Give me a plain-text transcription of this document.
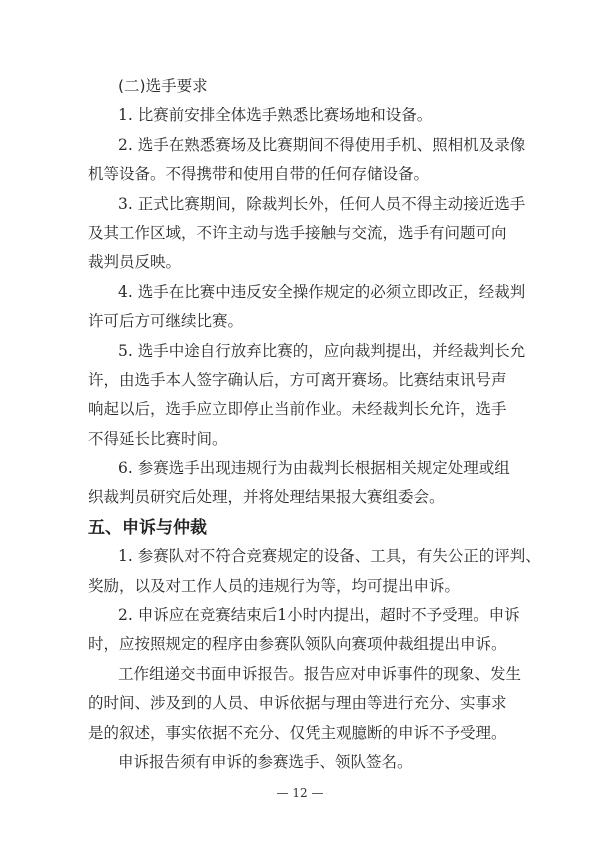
(二)选手要求
1. 比赛前安排全体选手熟悉比赛场地和设备。
2. 选手在熟悉赛场及比赛期间不得使用手机、照相机及录像
机等设备。不得携带和使用自带的任何存储设备。
3. 正式比赛期间，除裁判长外，任何人员不得主动接近选手
及其工作区域，不许主动与选手接触与交流，选手有问题可向
裁判员反映。
4. 选手在比赛中违反安全操作规定的必须立即改正，经裁判
许可后方可继续比赛。
5. 选手中途自行放弃比赛的，应向裁判提出，并经裁判长允
许，由选手本人签字确认后，方可离开赛场。比赛结束讯号声
响起以后，选手应立即停止当前作业。未经裁判长允许，选手
不得延长比赛时间。
6. 参赛选手出现违规行为由裁判长根据相关规定处理或组
织裁判员研究后处理，并将处理结果报大赛组委会。
五、申诉与仲裁
1. 参赛队对不符合竞赛规定的设备、工具，有失公正的评判、
奖励，以及对工作人员的违规行为等，均可提出申诉。
2. 申诉应在竞赛结束后1小时内提出，超时不予受理。申诉
时，应按照规定的程序由参赛队领队向赛项仲裁组提出申诉。
工作组递交书面申诉报告。报告应对申诉事件的现象、发生
的时间、涉及到的人员、申诉依据与理由等进行充分、实事求
是的叙述，事实依据不充分、仅凭主观臆断的申诉不予受理。
申诉报告须有申诉的参赛选手、领队签名。
— 12 —
